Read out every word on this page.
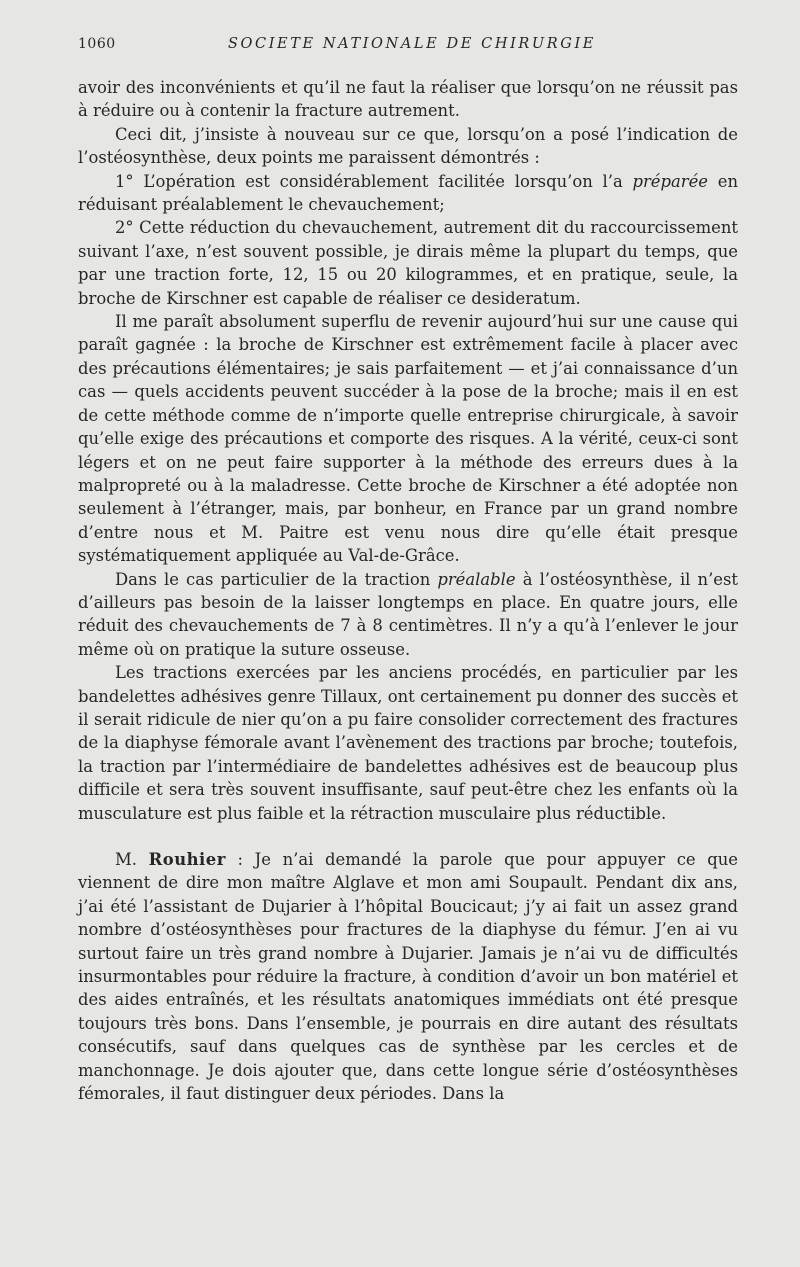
1060	SOCIETE NATIONALE DE CHIRURGIE

avoir des inconvénients et qu’il ne faut la réaliser que lorsqu’on ne réussit pas à réduire ou à contenir la fracture autrement.

Ceci dit, j’insiste à nouveau sur ce que, lorsqu’on a posé l’indication de l’ostéosynthèse, deux points me paraissent démontrés :

1° L’opération est considérablement facilitée lorsqu’on l’a préparée en réduisant préalablement le chevauchement;

2° Cette réduction du chevauchement, autrement dit du raccourcissement suivant l’axe, n’est souvent possible, je dirais même la plupart du temps, que par une traction forte, 12, 15 ou 20 kilogrammes, et en pratique, seule, la broche de Kirschner est capable de réaliser ce desideratum.

Il me paraît absolument superflu de revenir aujourd’hui sur une cause qui paraît gagnée : la broche de Kirschner est extrêmement facile à placer avec des précautions élémentaires; je sais parfaitement — et j’ai connaissance d’un cas — quels accidents peuvent succéder à la pose de la broche; mais il en est de cette méthode comme de n’importe quelle entreprise chirurgicale, à savoir qu’elle exige des précautions et comporte des risques. A la vérité, ceux-ci sont légers et on ne peut faire supporter à la méthode des erreurs dues à la malpropreté ou à la maladresse. Cette broche de Kirschner a été adoptée non seulement à l’étranger, mais, par bonheur, en France par un grand nombre d’entre nous et M. Paitre est venu nous dire qu’elle était presque systématiquement appliquée au Val-de-Grâce.

Dans le cas particulier de la traction préalable à l’ostéosynthèse, il n’est d’ailleurs pas besoin de la laisser longtemps en place. En quatre jours, elle réduit des chevauchements de 7 à 8 centimètres. Il n’y a qu’à l’enlever le jour même où on pratique la suture osseuse.

Les tractions exercées par les anciens procédés, en particulier par les bandelettes adhésives genre Tillaux, ont certainement pu donner des succès et il serait ridicule de nier qu’on a pu faire consolider correctement des fractures de la diaphyse fémorale avant l’avènement des tractions par broche; toutefois, la traction par l’intermédiaire de bandelettes adhésives est de beaucoup plus difficile et sera très souvent insuffisante, sauf peut-être chez les enfants où la musculature est plus faible et la rétraction musculaire plus réductible.

M. Rouhier : Je n’ai demandé la parole que pour appuyer ce que viennent de dire mon maître Alglave et mon ami Soupault. Pendant dix ans, j’ai été l’assistant de Dujarier à l’hôpital Boucicaut; j’y ai fait un assez grand nombre d’ostéosynthèses pour fractures de la diaphyse du fémur. J’en ai vu surtout faire un très grand nombre à Dujarier. Jamais je n’ai vu de difficultés insurmontables pour réduire la fracture, à condition d’avoir un bon matériel et des aides entraînés, et les résultats anatomiques immédiats ont été presque toujours très bons. Dans l’ensemble, je pourrais en dire autant des résultats consécutifs, sauf dans quelques cas de synthèse par les cercles et de manchonnage. Je dois ajouter que, dans cette longue série d’ostéosynthèses fémorales, il faut distinguer deux périodes. Dans la
